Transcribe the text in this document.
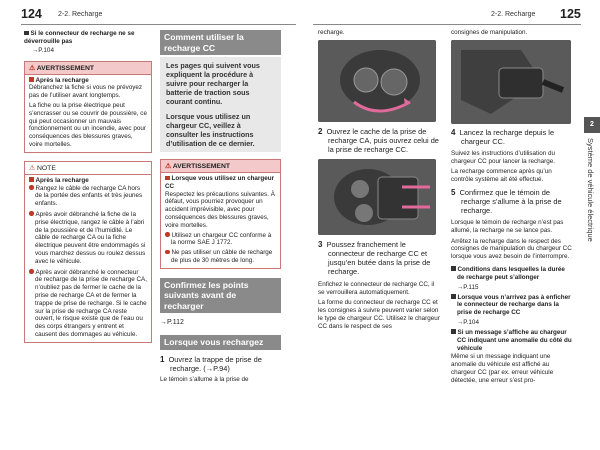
124 2-2. Recharge	2-2. Recharge 125
Si le connecteur de recharge ne se déverrouille pas
→P.104
⚠ AVERTISSEMENT
Après la recharge
Débranchez la fiche si vous ne prévoyez pas de l’utiliser avant longtemps.
La fiche ou la prise électrique peut s’encrasser ou se couvrir de poussière, ce qui peut occasionner un mauvais fonctionnement ou un incendie, avec pour conséquences des blessures graves, voire mortelles.
⚠ NOTE
Après la recharge
Rangez le câble de recharge CA hors de la portée des enfants et très jeunes enfants.
Après avoir débranché la fiche de la prise électrique, rangez le câble à l’abri de la poussière et de l’humidité. Le câble de recharge CA ou la fiche électrique peuvent être endommagés si vous marchez dessus ou roulez dessus avec le véhicule.
Après avoir débranché le connecteur de recharge de la prise de recharge CA, n’oubliez pas de fermer le cache de la prise de recharge CA et de fermer la trappe de prise de recharge. Si le cache sur la prise de recharge CA reste ouvert, le risque existe que de l’eau ou des corps étrangers y entrent et causent des dommages au véhicule.
Comment utiliser la recharge CC
Les pages qui suivent vous expliquent la procédure à suivre pour recharger la batterie de traction sous courant continu.
Lorsque vous utilisez un chargeur CC, veillez à consulter les instructions d’utilisation de ce dernier.
⚠ AVERTISSEMENT
Lorsque vous utilisez un chargeur CC
Respectez les précautions suivantes. À défaut, vous pourriez provoquer un accident imprévisible, avec pour conséquences des blessures graves, voire mortelles.
Utilisez un chargeur CC conforme à la norme SAE J 1772.
Ne pas utiliser un câble de recharge de plus de 30 mètres de long.
Confirmez les points suivants avant de recharger
→P.112
Lorsque vous rechargez
1 Ouvrez la trappe de prise de recharge. (→P.94)
Le témoin s’allume à la prise de
recharge.
2 Ouvrez le cache de la prise de recharge CA, puis ouvrez celui de la prise de recharge CC.
3 Poussez franchement le connecteur de recharge CC et jusqu’en butée dans la prise de recharge.
Enfichez le connecteur de recharge CC, il se verrouillera automatiquement.
La forme du connecteur de recharge CC et les consignes à suivre peuvent varier selon le type de chargeur CC. Utilisez le chargeur CC dans le respect de ses
consignes de manipulation.
4 Lancez la recharge depuis le chargeur CC.
Suivez les instructions d’utilisation du chargeur CC pour lancer la recharge.
La recharge commence après qu’un contrôle système ait été effectué.
5 Confirmez que le témoin de recharge s’allume à la prise de recharge.
Lorsque le témoin de recharge n’est pas allumé, la recharge ne se lance pas.
Arrêtez la recharge dans le respect des consignes de manipulation du chargeur CC lorsque vous avez besoin de l’interrompre.
Conditions dans lesquelles la durée de recharge peut s’allonger
→P.115
Lorsque vous n’arrivez pas à enficher le connecteur de recharge dans la prise de recharge CC
→P.104
Si un message s’affiche au chargeur CC indiquant une anomalie du côté du véhicule
Même si un message indiquant une anomalie du véhicule est affiché au chargeur CC (par ex. erreur véhicule détectée, une erreur s’est pro-
2
Système de véhicule électrique
